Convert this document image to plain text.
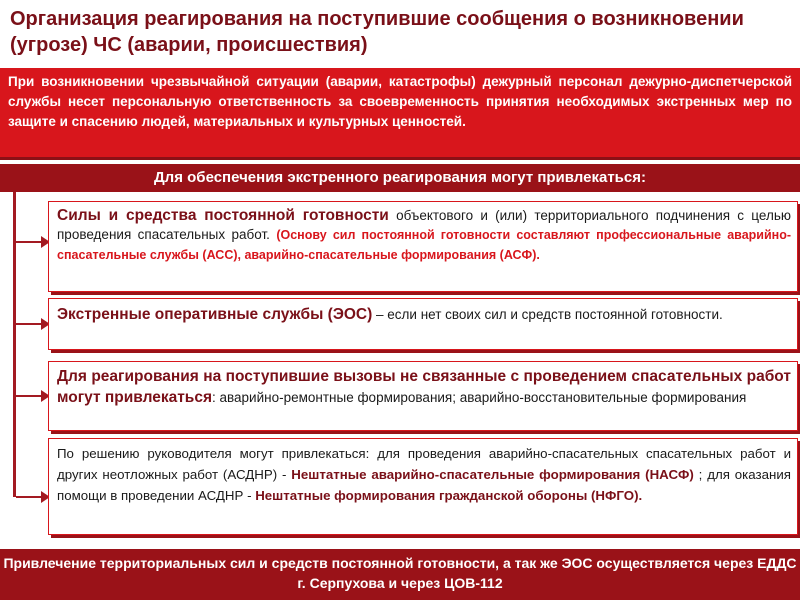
Организация реагирования на поступившие сообщения о возникновении (угрозе) ЧС (аварии, происшествия)
При возникновении чрезвычайной ситуации (аварии, катастрофы) дежурный персонал дежурно-диспетчерской службы несет персональную ответственность за своевременность принятия необходимых экстренных мер по защите и спасению людей, материальных и культурных ценностей.
Для обеспечения экстренного реагирования могут привлекаться:
Силы и средства постоянной готовности объектового и (или) территориального подчинения с целью проведения спасательных работ. (Основу сил постоянной готовности составляют профессиональные аварийно-спасательные службы (АСС), аварийно-спасательные формирования (АСФ).
Экстренные оперативные службы (ЭОС) – если нет своих сил и средств постоянной готовности.
Для реагирования на поступившие вызовы не связанные с проведением спасательных работ могут привлекаться: аварийно-ремонтные формирования; аварийно-восстановительные формирования
По решению руководителя могут привлекаться: для проведения аварийно-спасательных спасательных работ и других неотложных работ (АСДНР) - Нештатные аварийно-спасательные формирования (НАСФ) ; для оказания помощи в проведении АСДНР - Нештатные формирования гражданской обороны (НФГО).
Привлечение территориальных сил и средств постоянной готовности, а так же ЭОС осуществляется через ЕДДС г. Серпухова и через ЦОВ-112
